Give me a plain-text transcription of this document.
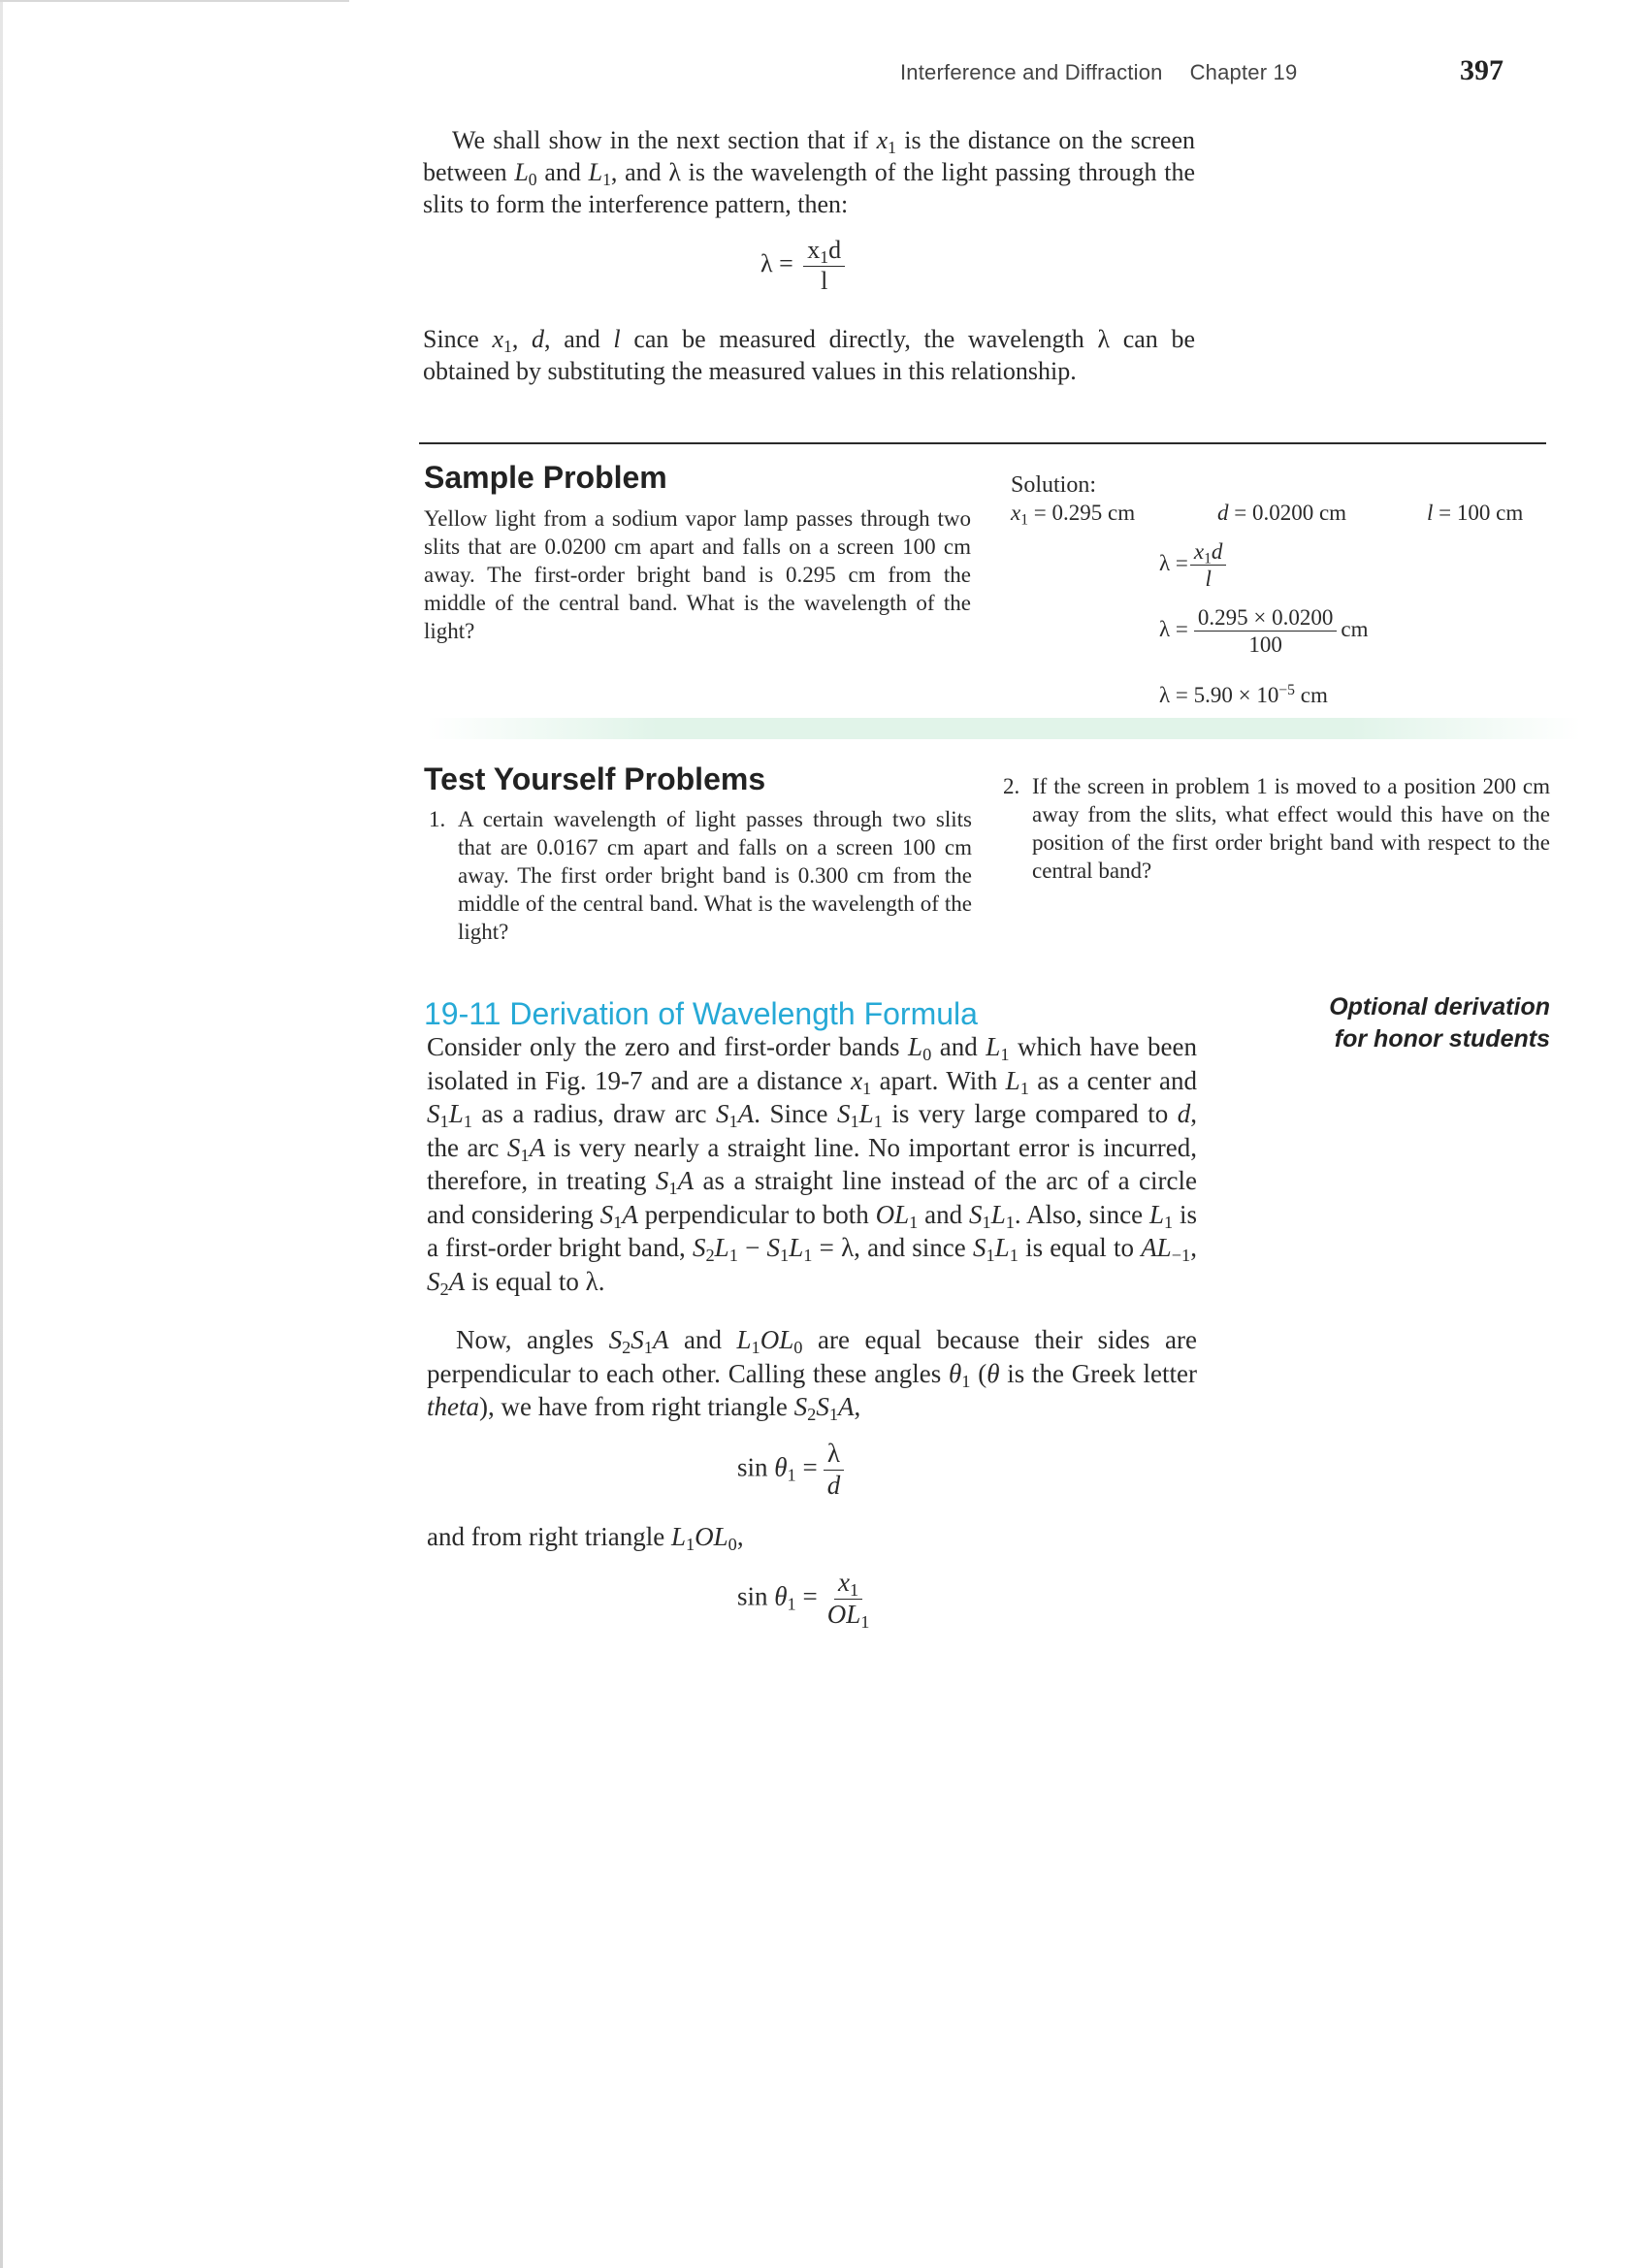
Interference and Diffraction Chapter 19	397
We shall show in the next section that if $x_1$ is the distance on the screen between $L_0$ and $L_1$, and λ is the wavelength of the light passing through the slits to form the interference pattern, then:
$\lambda = \frac{x_1d}{l}$
Since $x_1$, d, and l can be measured directly, the wavelength λ can be obtained by substituting the measured values in this relationship.
Sample Problem
Yellow light from a sodium vapor lamp passes through two slits that are 0.0200 cm apart and falls on a screen 100 cm away. The first-order bright band is 0.295 cm from the middle of the central band. What is the wavelength of the light?
Solution:
$x_1 = 0.295$ cm	d = 0.0200 cm	l = 100 cm
$\lambda = \frac{x_1d}{l}$
$\lambda = \frac{0.295 \times 0.0200}{100}$ cm
$\lambda = 5.90 \times 10^{-5}$ cm
Test Yourself Problems
1. A certain wavelength of light passes through two slits that are 0.0167 cm apart and falls on a screen 100 cm away. The first order bright band is 0.300 cm from the middle of the central band. What is the wavelength of the light?
2. If the screen in problem 1 is moved to a position 200 cm away from the slits, what effect would this have on the position of the first order bright band with respect to the central band?
19-11 Derivation of Wavelength Formula	Optional derivation
for honor students
Consider only the zero and first-order bands $L_0$ and $L_1$ which have been isolated in Fig. 19-7 and are a distance $x_1$ apart. With $L_1$ as a center and $S_1L_1$ as a radius, draw arc $S_1A$. Since $S_1L_1$ is very large compared to d, the arc $S_1A$ is very nearly a straight line. No important error is incurred, therefore, in treating $S_1A$ as a straight line instead of the arc of a circle and considering $S_1A$ perpendicular to both $OL_1$ and $S_1L_1$. Also, since $L_1$ is a first-order bright band, $S_2L_1 - S_1L_1 = \lambda$, and since $S_1L_1$ is equal to $AL_{-1}$, $S_2A$ is equal to λ.
Now, angles $S_2S_1A$ and $L_1OL_0$ are equal because their sides are perpendicular to each other. Calling these angles $\theta_1$ (θ is the Greek letter theta), we have from right triangle $S_2S_1A$,
$\sin \theta_1 = \frac{\lambda}{d}$
and from right triangle $L_1OL_0$,
$\sin \theta_1 = \frac{x_1}{OL_1}$
